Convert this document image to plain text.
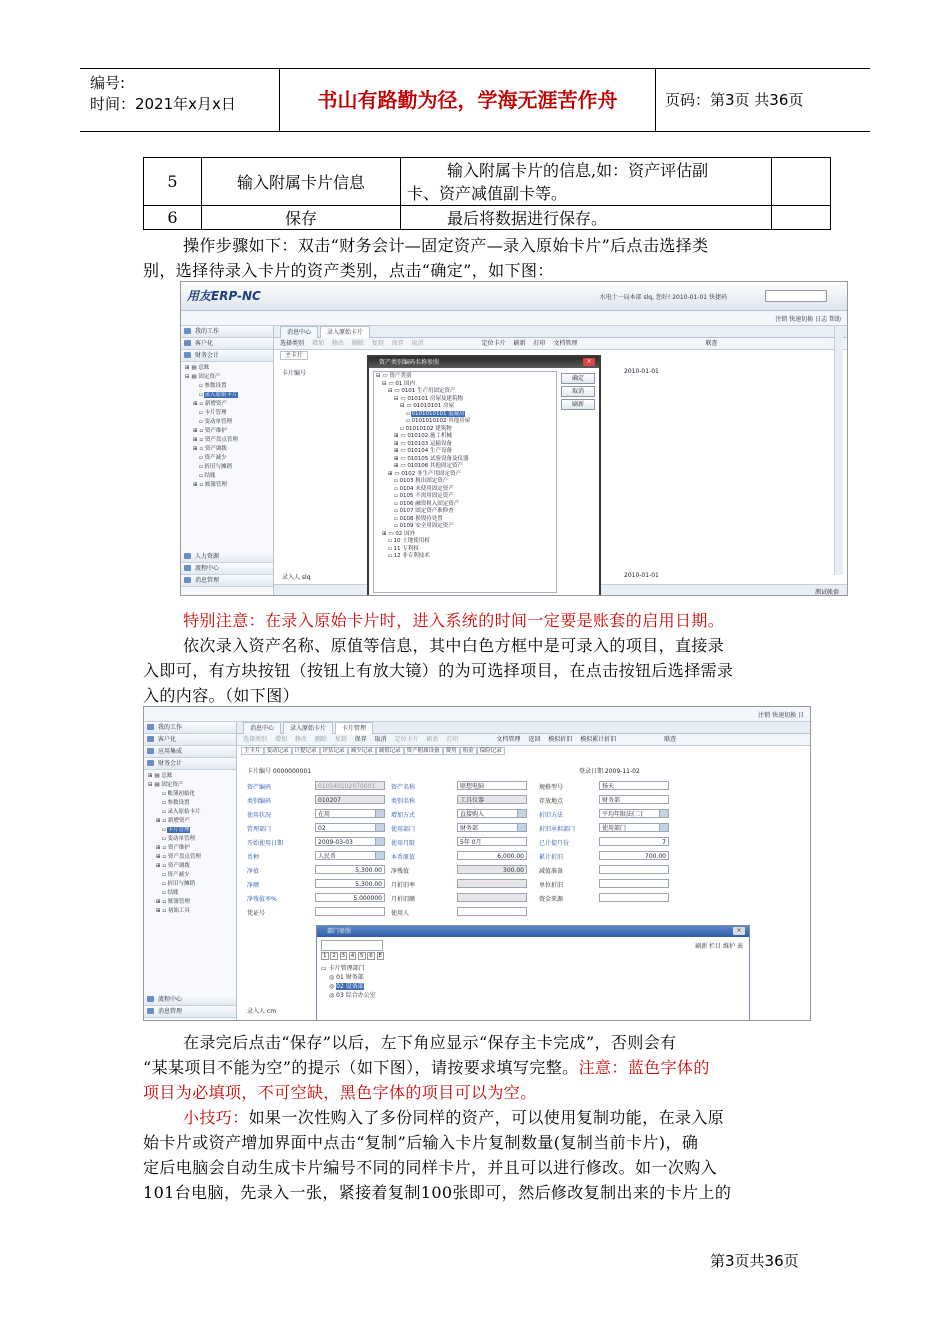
编号:
时间：2021年x月x日	书山有路勤为径，学海无涯苦作舟	页码：第3页 共36页
5	输入附属卡片信息	输入附属卡片的信息,如：资产评估副
卡、资产减值副卡等。	

6	保存	最后将数据进行保存。	
操作步骤如下：双击“财务会计—固定资产—录入原始卡片”后点击选择类
别，选择待录入卡片的资产类别，点击“确定”，如下图：
用友ERP-NC	水电十一局本部 slq, 您好! 2010-01-01 快捷码
注销 快速切换 日志 帮助
我的工作
客户化
财务会计
⊞ ▤ 总账
⊟ ▤ 固定资产
▫ 参数设置
▫ 录入原始卡片
⊞ ▫ 新增资产
▫ 卡片管理
▫ 变动单管理
⊞ ▫ 资产维护
⊞ ▫ 资产盘点管理
⊞ ▫ 资产调拨
▫ 资产减少
▫ 折旧与摊销
▫ 结账
⊞ ▫ 账簿管理
人力资源
流程中心
消息管理
消息中心	录入原始卡片
选择类别 增加 修改 删除 复制 保存 取消	定位卡片 刷新 打印 文档管理	联查
主卡片
卡片编号	2010-01-01
录入人 slq	2010-01-01
测试帐套
资产类别编码名称参照	×
⊟ ▭ 资产类别
⊟ ▭ 01 国内
⊟ ▭ 0101 生产用固定资产
⊟ ▭ 010101 房屋及建筑物
⊟ ▭ 01010101 房屋
▫ 0101010101 混凝房
▫ 0101010102 其他房屋
▫ 01010102 建筑物
⊞ ▭ 010102 施工机械
⊞ ▭ 010103 运输设备
⊞ ▭ 010104 生产设备
⊞ ▭ 010105 试验设备及仪器
⊞ ▭ 010106 其他固定资产
⊞ ▭ 0102 非生产用固定资产
▫ 0103 租出固定资产
▫ 0104 未使用固定资产
▫ 0105 不需用固定资产
▫ 0106 融资租入固定资产
▫ 0107 固定资产准修查
▫ 0108 损毁待处置
▫ 0109 安全用固定资产
⊞ ▭ 02 国外
▫ 10 土地使用权
▫ 11 专利权
▫ 12 非专利技术
确定
取消
刷新
特别注意：在录入原始卡片时，进入系统的时间一定要是账套的启用日期。
依次录入资产名称、原值等信息，其中白色方框中是可录入的项目，直接录
入即可，有方块按钮（按钮上有放大镜）的为可选择项目，在点击按钮后选择需录
入的内容。（如下图）
注销 快速切换 日
我的工作
客户化
应用集成
财务会计
⊞ ▤ 总账
⊟ ▤ 固定资产
▫ 账簿初始化
▫ 参数设置
▫ 录入原始卡片
⊞ ▫ 新增资产
▫ 卡片管理
▫ 变动单管理
⊞ ▫ 资产维护
⊞ ▫ 资产盘点管理
⊞ ▫ 资产调拨
▫ 资产减少
▫ 折旧与摊销
▫ 结账
⊞ ▫ 账簿管理
⊞ ▫ 初始工具
流程中心
消息管理
消息中心	录入原始卡片	卡片管理
选择类别 增加 修改 删除 复制 保存 取消 定位卡片 刷新 打印	文档管理 返回 模拟折旧 模拟累计折旧	联查
主卡片 变动记录 计提记录 评估记录 减少记录 减值记录 资产附属设备 费用 租金 保险记录
卡片编号 0000000001	登录日期 2009-11-02
资产编码	010540102070001
类别编码	010207
使用状况	在用
管理部门	02
开始使用日期	2009-03-03
币种	人民币
净值	5,300.00
净额	5,300.00
净残值率%	5.000000
凭证号
资产名称	联想电脑
类别名称	工具仪器
增加方式	直接购入
使用部门	财务部
使用月限	5年 0月
本币原值	6,000.00
净残值	300.00
月折旧率
月折旧额
使用人
规格型号	扬天
存放地点	财务部
折旧方法	平均年限法(二)
折旧承担部门	使用部门
已计提月份	7
累计折旧	700.00
减值准备
单位折旧
资金来源
录入人 cm
部门参照	×
刷新 栏目 维护 表
1 2 3 4 5 6 E
▭ 卡片管理部门
◎ 01 财务部
◎ 02 设备部
◎ 03 综合办公室
在录完后点击“保存”以后，左下角应显示“保存主卡完成”，否则会有
“某某项目不能为空”的提示（如下图），请按要求填写完整。注意：蓝色字体的
项目为必填项，不可空缺，黑色字体的项目可以为空。
小技巧：如果一次性购入了多份同样的资产，可以使用复制功能，在录入原
始卡片或资产增加界面中点击“复制”后输入卡片复制数量(复制当前卡片)，确
定后电脑会自动生成卡片编号不同的同样卡片，并且可以进行修改。如一次购入
101台电脑，先录入一张，紧接着复制100张即可，然后修改复制出来的卡片上的
第3页共36页
